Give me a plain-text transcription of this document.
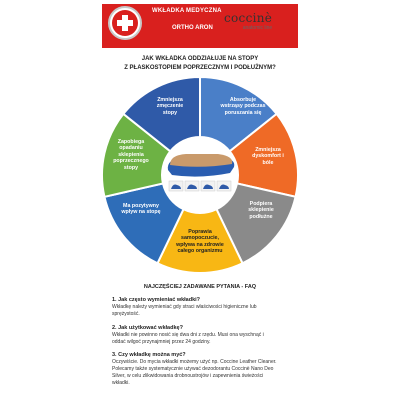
WKŁADKA MEDYCZNA
ORTHO ARON
coccinè
anatomic line
JAK WKŁADKA ODDZIAŁUJE NA STOPY
Z PŁASKOSTOPIEM POPRZECZNYM I PODŁUŻNYM?
Absorbuje wstrząsy podczas poruszania się
Zmniejsza dyskomfort i bóle
Podpiera sklepienie podłużne
Poprawia samopoczucie, wpływa na zdrowie całego organizmu
Ma pozytywny wpływ na stopę
Zapobiega opadaniu sklepienia poprzecznego stopy
Zmniejsza zmęczenie stopy
NAJCZĘŚCIEJ ZADAWANE PYTANIA - FAQ
1. Jak często wymieniać wkładki?
Wkładkę należy wymieniać gdy straci właściwości higieniczne lub
sprężystość.
2. Jak użytkować wkładkę?
Wkładki nie powinno nosić się dwa dni z rzędu. Musi ona wyschnąć i
oddać wilgoć przynajmniej przez 24 godziny.
3. Czy wkładkę można myć?
Oczywiście. Do mycia wkładki możemy użyć np. Coccine Leather Cleaner.
Polecamy także systematycznie używać dezodorantu Coccinè Nano Deo
Silver, w celu zlikwidowania drobnoustrojów i zapewnienia świeżości
wkładki.
